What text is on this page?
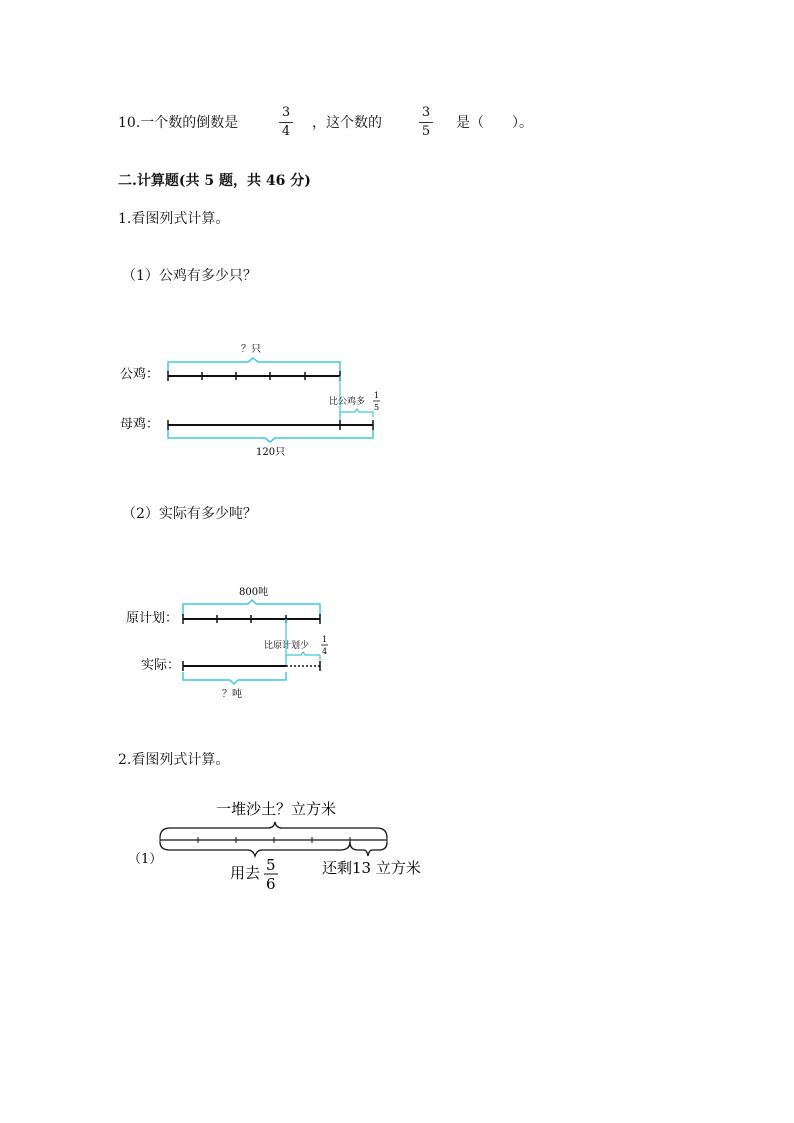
10.一个数的倒数是
3
4
，这个数的
3
5
是（　　）。
二.计算题(共 5 题，共 46 分)
1.看图列式计算。
（1）公鸡有多少只？
公鸡：
母鸡：
？只
比公鸡多
1
5
120只
（2）实际有多少吨？
原计划：
实际：
800吨
比原计划少
1
4
？吨
2.看图列式计算。
一堆沙土？立方米
（1）
用去 5
6
还剩13 立方米
